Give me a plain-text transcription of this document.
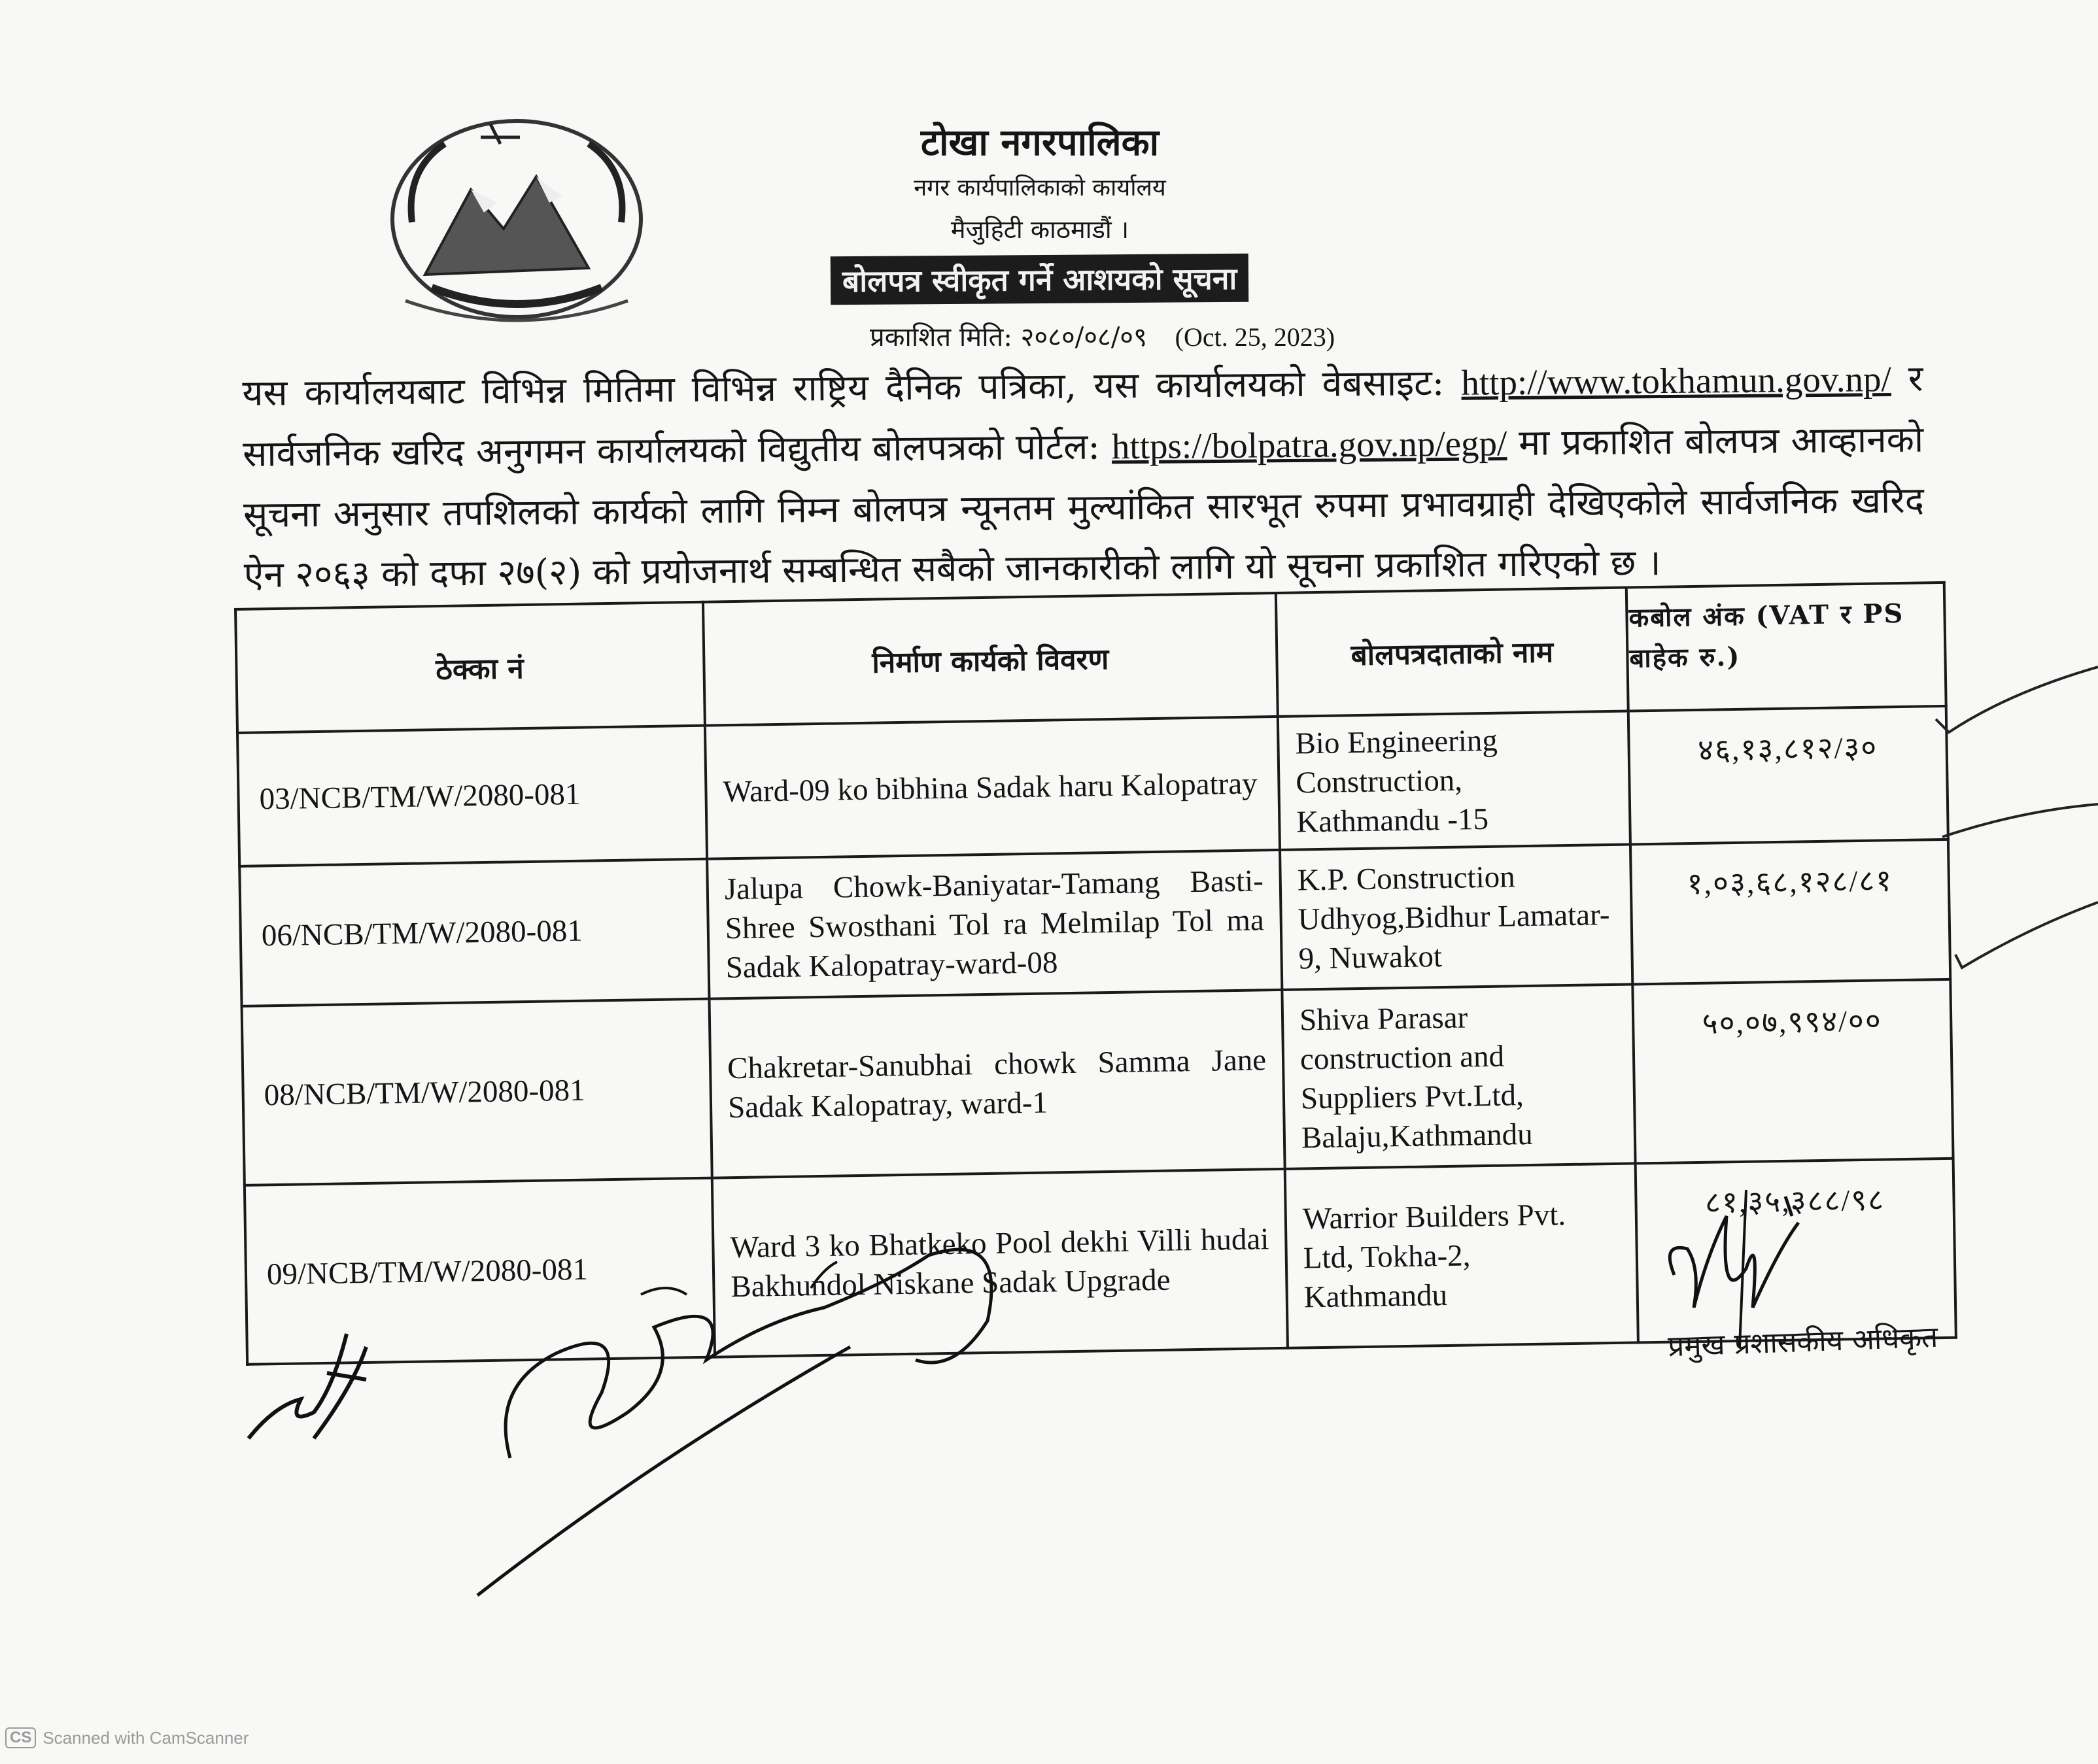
टोखा नगरपालिका
नगर कार्यपालिकाको कार्यालय
मैजुहिटी काठमाडौं ।
बोलपत्र स्वीकृत गर्ने आशयको सूचना
प्रकाशित मिति: २०८०/०८/०९ (Oct. 25, 2023)
यस कार्यालयबाट विभिन्न मितिमा विभिन्न राष्ट्रिय दैनिक पत्रिका, यस कार्यालयको वेबसाइट: http://www.tokhamun.gov.np/ र सार्वजनिक खरिद अनुगमन कार्यालयको विद्युतीय बोलपत्रको पोर्टल: https://bolpatra.gov.np/egp/ मा प्रकाशित बोलपत्र आव्हानको सूचना अनुसार तपशिलको कार्यको लागि निम्न बोलपत्र न्यूनतम मुल्यांकित सारभूत रुपमा प्रभावग्राही देखिएकोले सार्वजनिक खरिद ऐन २०६३ को दफा २७(२) को प्रयोजनार्थ सम्बन्धित सबैको जानकारीको लागि यो सूचना प्रकाशित गरिएको छ ।
ठेक्का नं	निर्माण कार्यको विवरण	बोलपत्रदाताको नाम	कबोल अंक (VAT र PS बाहेक रु.)
03/NCB/TM/W/2080-081	Ward-09 ko bibhina Sadak haru Kalopatray	Bio Engineering Construction, Kathmandu -15	४६,१३,८१२/३०
06/NCB/TM/W/2080-081	Jalupa Chowk-Baniyatar-Tamang Basti-Shree Swosthani Tol ra Melmilap Tol ma Sadak Kalopatray-ward-08	K.P. Construction Udhyog,Bidhur Lamatar-9, Nuwakot	१,०३,६८,१२८/८१
08/NCB/TM/W/2080-081	Chakretar-Sanubhai chowk Samma Jane Sadak Kalopatray, ward-1	Shiva Parasar construction and Suppliers Pvt.Ltd, Balaju,Kathmandu	५०,०७,९९४/००
09/NCB/TM/W/2080-081	Ward 3 ko Bhatkeko Pool dekhi Villi hudai Bakhundol Niskane Sadak Upgrade	Warrior Builders Pvt. Ltd, Tokha-2, Kathmandu	८१,३५,३८८/९८
प्रमुख प्रशासकीय अधिकृत
CS Scanned with CamScanner
